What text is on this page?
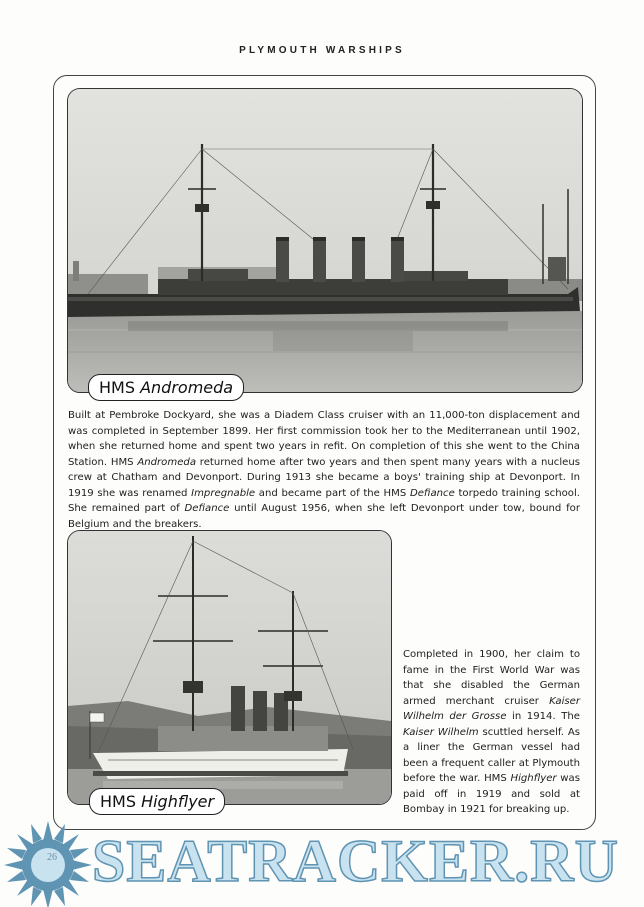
PLYMOUTH WARSHIPS
HMS Andromeda

Built at Pembroke Dockyard, she was a Diadem Class cruiser with an 11,000-ton displacement and was completed in September 1899. Her first commission took her to the Mediterranean until 1902, when she returned home and spent two years in refit. On completion of this she went to the China Station. HMS Andromeda returned home after two years and then spent many years with a nucleus crew at Chatham and Devonport. During 1913 she became a boys' training ship at Devonport. In 1919 she was renamed Impregnable and became part of the HMS Defiance torpedo training school. She remained part of Defiance until August 1956, when she left Devonport under tow, bound for Belgium and the breakers.

HMS Highflyer

Completed in 1900, her claim to fame in the First World War was that she disabled the German armed merchant cruiser Kaiser Wilhelm der Grosse in 1914. The Kaiser Wilhelm scuttled herself. As a liner the German vessel had been a frequent caller at Plymouth before the war. HMS Highflyer was paid off in 1919 and sold at Bombay in 1921 for breaking up.

26 SEATRACKER.RU
